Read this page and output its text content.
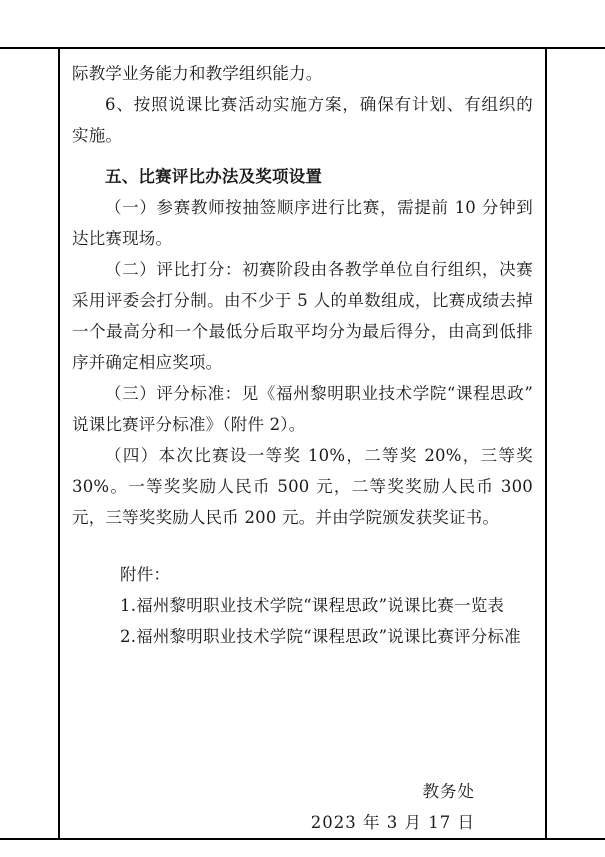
际教学业务能力和教学组织能力。

6、按照说课比赛活动实施方案，确保有计划、有组织的实施。

五、比赛评比办法及奖项设置

（一）参赛教师按抽签顺序进行比赛，需提前 10 分钟到达比赛现场。

（二）评比打分：初赛阶段由各教学单位自行组织，决赛采用评委会打分制。由不少于 5 人的单数组成，比赛成绩去掉一个最高分和一个最低分后取平均分为最后得分，由高到低排序并确定相应奖项。

（三）评分标准：见《福州黎明职业技术学院“课程思政”说课比赛评分标准》（附件 2）。

（四）本次比赛设一等奖 10%，二等奖 20%，三等奖 30%。一等奖奖励人民币 500 元，二等奖奖励人民币 300 元，三等奖奖励人民币 200 元。并由学院颁发获奖证书。

附件：

1.福州黎明职业技术学院“课程思政”说课比赛一览表

2.福州黎明职业技术学院“课程思政”说课比赛评分标准

教务处

2023 年 3 月 17 日
